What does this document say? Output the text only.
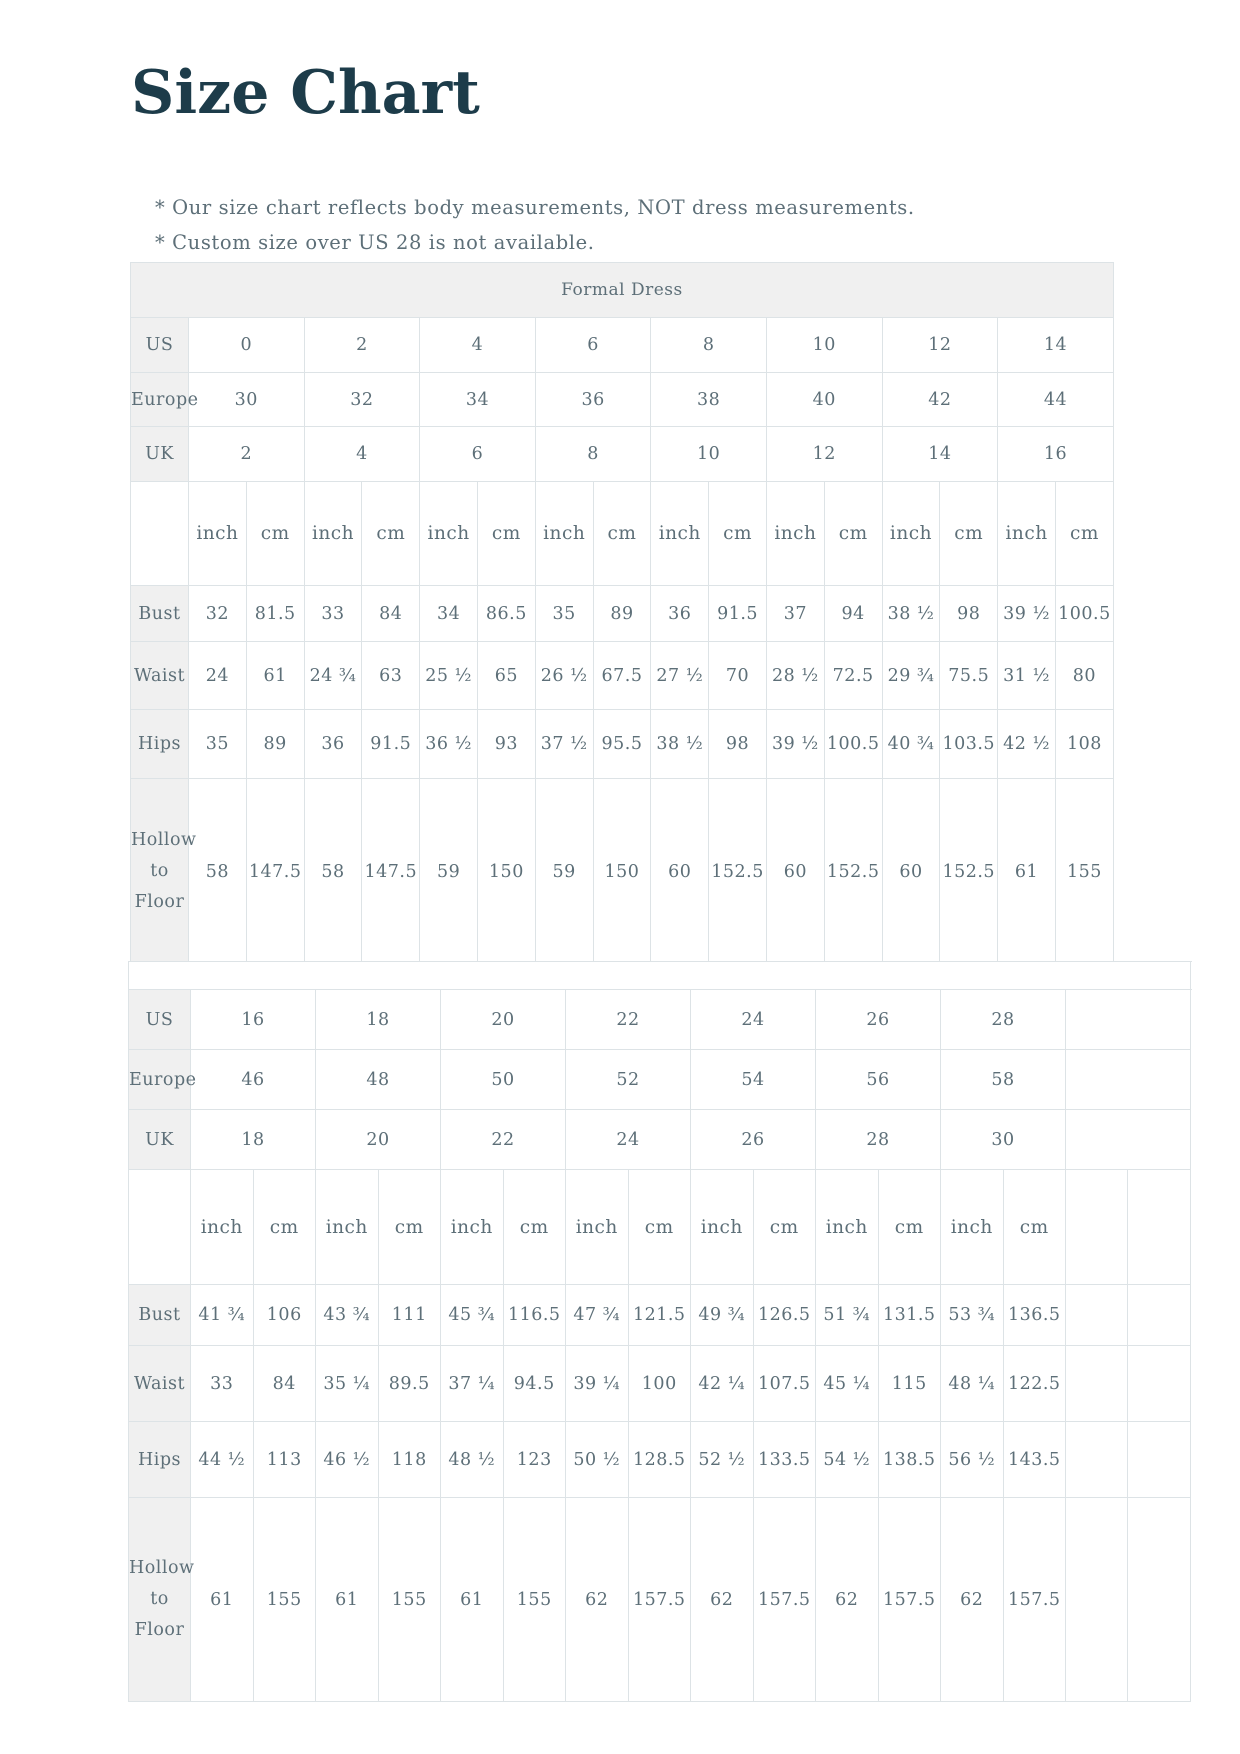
Size Chart
* Our size chart reflects body measurements, NOT dress measurements.
* Custom size over US 28 is not available.
Formal Dress																
US	0		2		4		6		8		10		12		14	
Europe	30		32		34		36		38		40		42		44	
UK	2		4		6		8		10		12		14		16	
	inch	cm	inch	cm	inch	cm	inch	cm	inch	cm	inch	cm	inch	cm	inch	cm
Bust	32	81.5	33	84	34	86.5	35	89	36	91.5	37	94	38 ½	98	39 ½	100.5
Waist	24	61	24 ¾	63	25 ½	65	26 ½	67.5	27 ½	70	28 ½	72.5	29 ¾	75.5	31 ½	80
Hips	35	89	36	91.5	36 ½	93	37 ½	95.5	38 ½	98	39 ½	100.5	40 ¾	103.5	42 ½	108

Hollow
to
Floor	58	147.5	58	147.5	59	150	59	150	60	152.5	60	152.5	60	152.5	61	155

US	16		18		20		22		24		26		28			
Europe	46		48		50		52		54		56		58			
UK	18		20		22		24		26		28		30			
	inch	cm	inch	cm	inch	cm	inch	cm	inch	cm	inch	cm	inch	cm		
Bust	41 ¾	106	43 ¾	111	45 ¾	116.5	47 ¾	121.5	49 ¾	126.5	51 ¾	131.5	53 ¾	136.5		
Waist	33	84	35 ¼	89.5	37 ¼	94.5	39 ¼	100	42 ¼	107.5	45 ¼	115	48 ¼	122.5		
Hips	44 ½	113	46 ½	118	48 ½	123	50 ½	128.5	52 ½	133.5	54 ½	138.5	56 ½	143.5		

Hollow
to
Floor	61	155	61	155	61	155	62	157.5	62	157.5	62	157.5	62	157.5		
